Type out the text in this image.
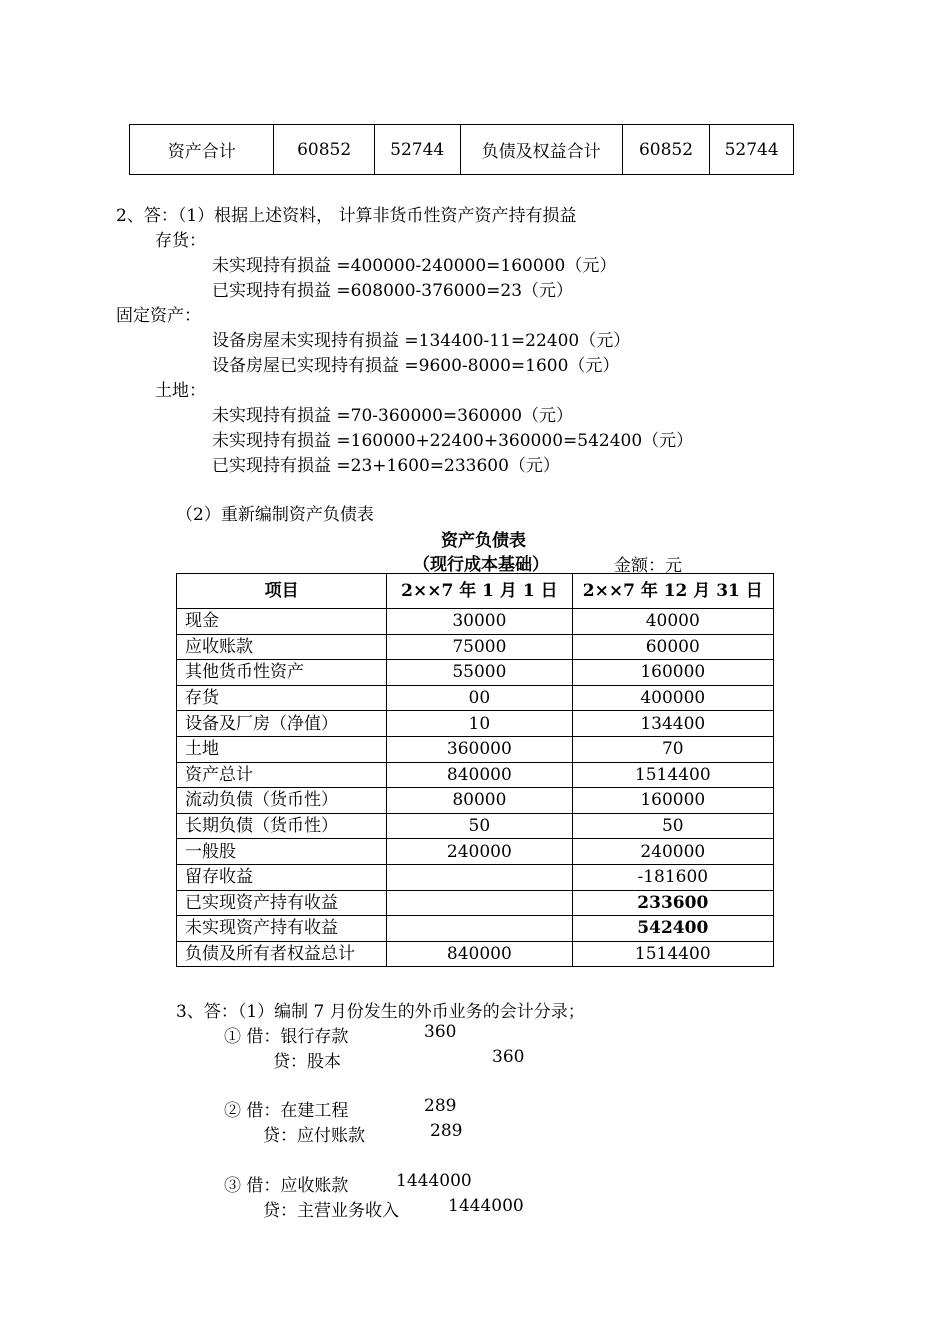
资产合计	60852	52744	负债及权益合计	60852	52744
2、答：（1）根据上述资料， 计算非货币性资产资产持有损益
存货：
未实现持有损益 =400000-240000=160000（元）
已实现持有损益 =608000-376000=23（元）
固定资产：
设备房屋未实现持有损益 =134400-11=22400（元）
设备房屋已实现持有损益 =9600-8000=1600（元）
土地：
未实现持有损益 =70-360000=360000（元）
未实现持有损益 =160000+22400+360000=542400（元）
已实现持有损益 =23+1600=233600（元）
（2）重新编制资产负债表
资产负债表
（现行成本基础）	金额：元
项目	2××7 年 1 月 1 日	2××7 年 12 月 31 日
现金	30000	40000
应收账款	75000	60000
其他货币性资产	55000	160000
存货	00	400000
设备及厂房（净值）	10	134400
土地	360000	70
资产总计	840000	1514400
流动负债（货币性）	80000	160000
长期负债（货币性）	50	50
一般股	240000	240000
留存收益		-181600
已实现资产持有收益		233600
未实现资产持有收益		542400
负债及所有者权益总计	840000	1514400
3、答：（1）编制 7 月份发生的外币业务的会计分录；
① 借：银行存款	360
贷：股本	360
② 借：在建工程	289
贷：应付账款	289
③ 借：应收账款	1444000
贷：主营业务收入	1444000
